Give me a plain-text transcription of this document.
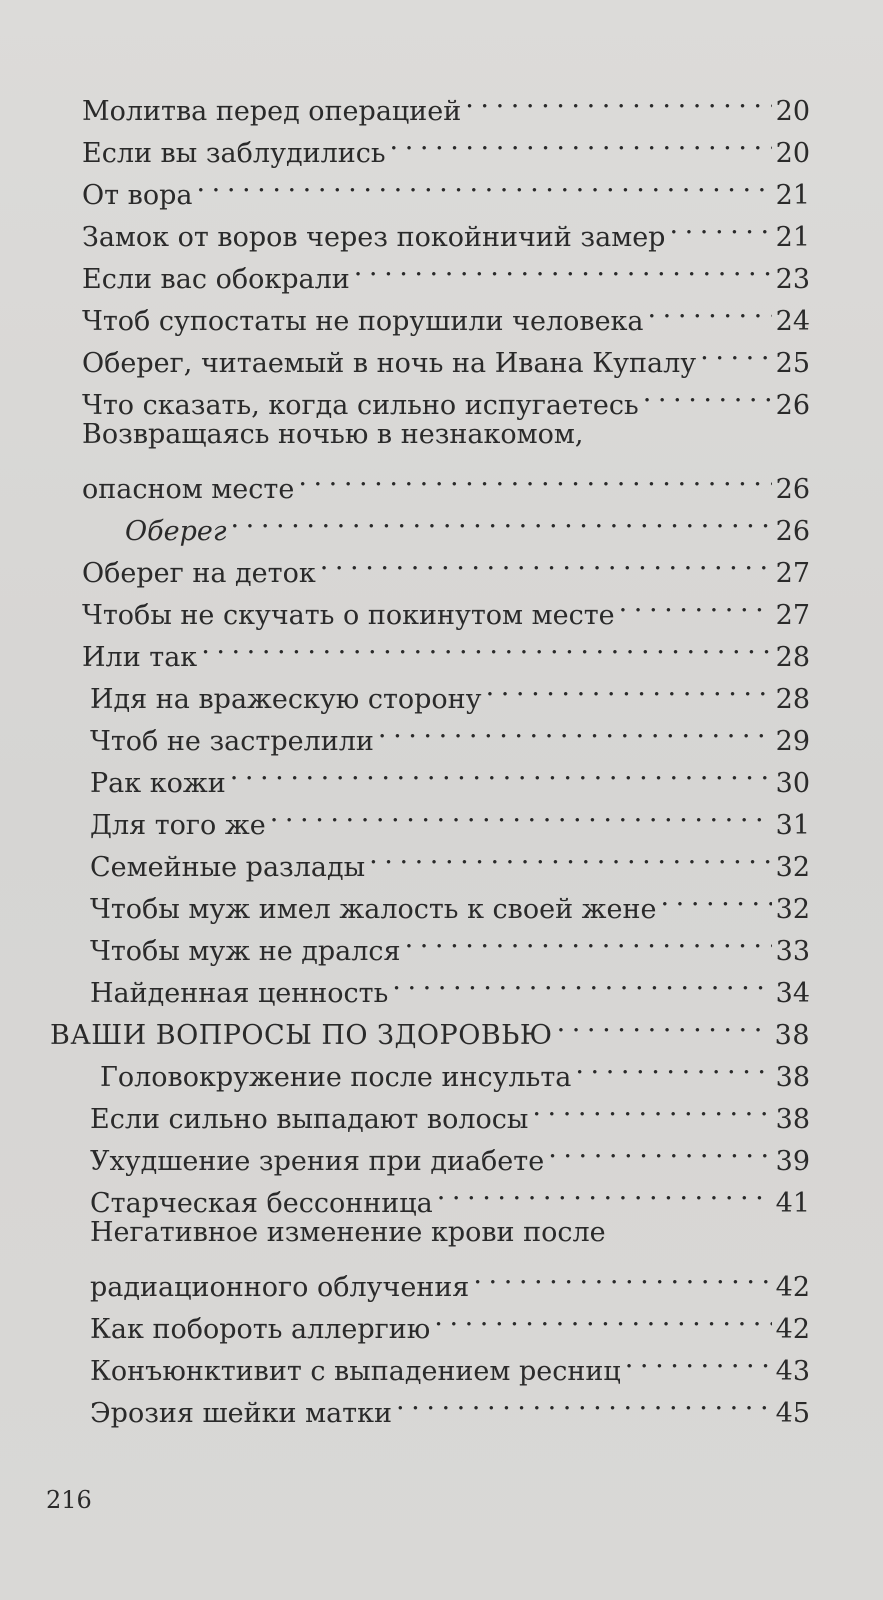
Молитва перед операцией . . .	20
Если вы заблудились . . .	20
От вора . . .	21
Замок от воров через покойничий замер . . .	21
Если вас обокрали . . .	23
Чтоб супостаты не порушили человека . . .	24
Оберег, читаемый в ночь на Ивана Купалу . . .	25
Что сказать, когда сильно испугаетесь . . .	26
Возвращаясь ночью в незнакомом,
опасном месте . . .	26
Оберег . . .	26
Оберег на деток . . .	27
Чтобы не скучать о покинутом месте . . .	27
Или так . . .	28
Идя на вражескую сторону . . .	28
Чтоб не застрелили . . .	29
Рак кожи . . .	30
Для того же . . .	31
Семейные разлады . . .	32
Чтобы муж имел жалость к своей жене . . .	32
Чтобы муж не дрался . . .	33
Найденная ценность . . .	34
ВАШИ ВОПРОСЫ ПО ЗДОРОВЬЮ . . .	38
Головокружение после инсульта . . .	38
Если сильно выпадают волосы . . .	38
Ухудшение зрения при диабете . . .	39
Старческая бессонница . . .	41
Негативное изменение крови после
радиационного облучения . . .	42
Как побороть аллергию . . .	42
Конъюнктивит с выпадением ресниц . . .	43
Эрозия шейки матки . . .	45
216
